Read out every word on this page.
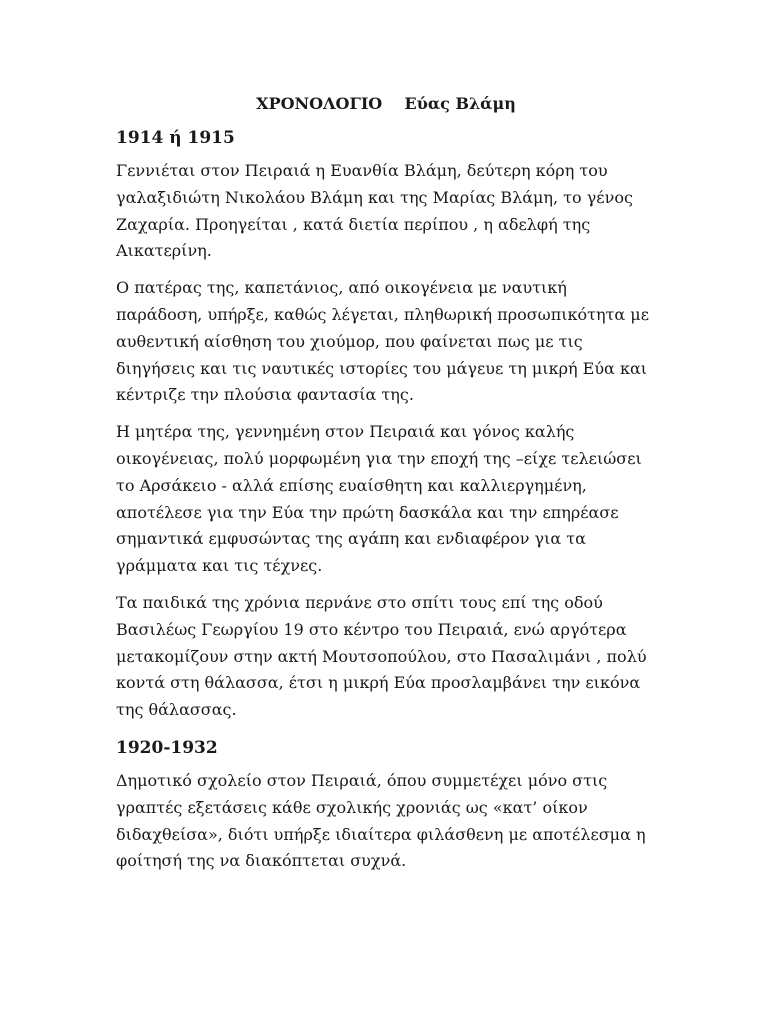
ΧΡΟΝΟΛΟΓΙΟ    Εύας Βλάμη
1914 ή 1915

Γεννιέται στον Πειραιά η Ευανθία Βλάμη, δεύτερη κόρη του γαλαξιδιώτη Νικολάου Βλάμη και της Μαρίας Βλάμη, το γένος Ζαχαρία. Προηγείται , κατά διετία περίπου , η αδελφή της Αικατερίνη.

Ο πατέρας της, καπετάνιος, από οικογένεια με ναυτική παράδοση, υπήρξε, καθώς λέγεται, πληθωρική προσωπικότητα με αυθεντική αίσθηση του χιούμορ, που φαίνεται πως με τις διηγήσεις και τις ναυτικές ιστορίες του μάγευε τη μικρή Εύα και κέντριζε την πλούσια φαντασία της.

Η μητέρα της, γεννημένη στον Πειραιά και γόνος καλής οικογένειας, πολύ μορφωμένη για την εποχή της –είχε τελειώσει το Αρσάκειο - αλλά επίσης ευαίσθητη και καλλιεργημένη, αποτέλεσε για την Εύα την πρώτη δασκάλα και την επηρέασε σημαντικά εμφυσώντας της αγάπη και ενδιαφέρον για τα γράμματα και τις τέχνες.

Τα παιδικά της χρόνια περνάνε στο σπίτι τους επί της οδού Βασιλέως Γεωργίου 19 στο κέντρο του Πειραιά, ενώ αργότερα μετακομίζουν στην ακτή Μουτσοπούλου, στο Πασαλιμάνι , πολύ κοντά στη θάλασσα, έτσι η μικρή Εύα προσλαμβάνει την εικόνα της θάλασσας.

1920-1932

Δημοτικό σχολείο στον Πειραιά, όπου συμμετέχει μόνο στις γραπτές εξετάσεις κάθε σχολικής χρονιάς ως «κατ’ οίκον διδαχθείσα», διότι υπήρξε ιδιαίτερα φιλάσθενη με αποτέλεσμα η φοίτησή της να διακόπτεται συχνά.
